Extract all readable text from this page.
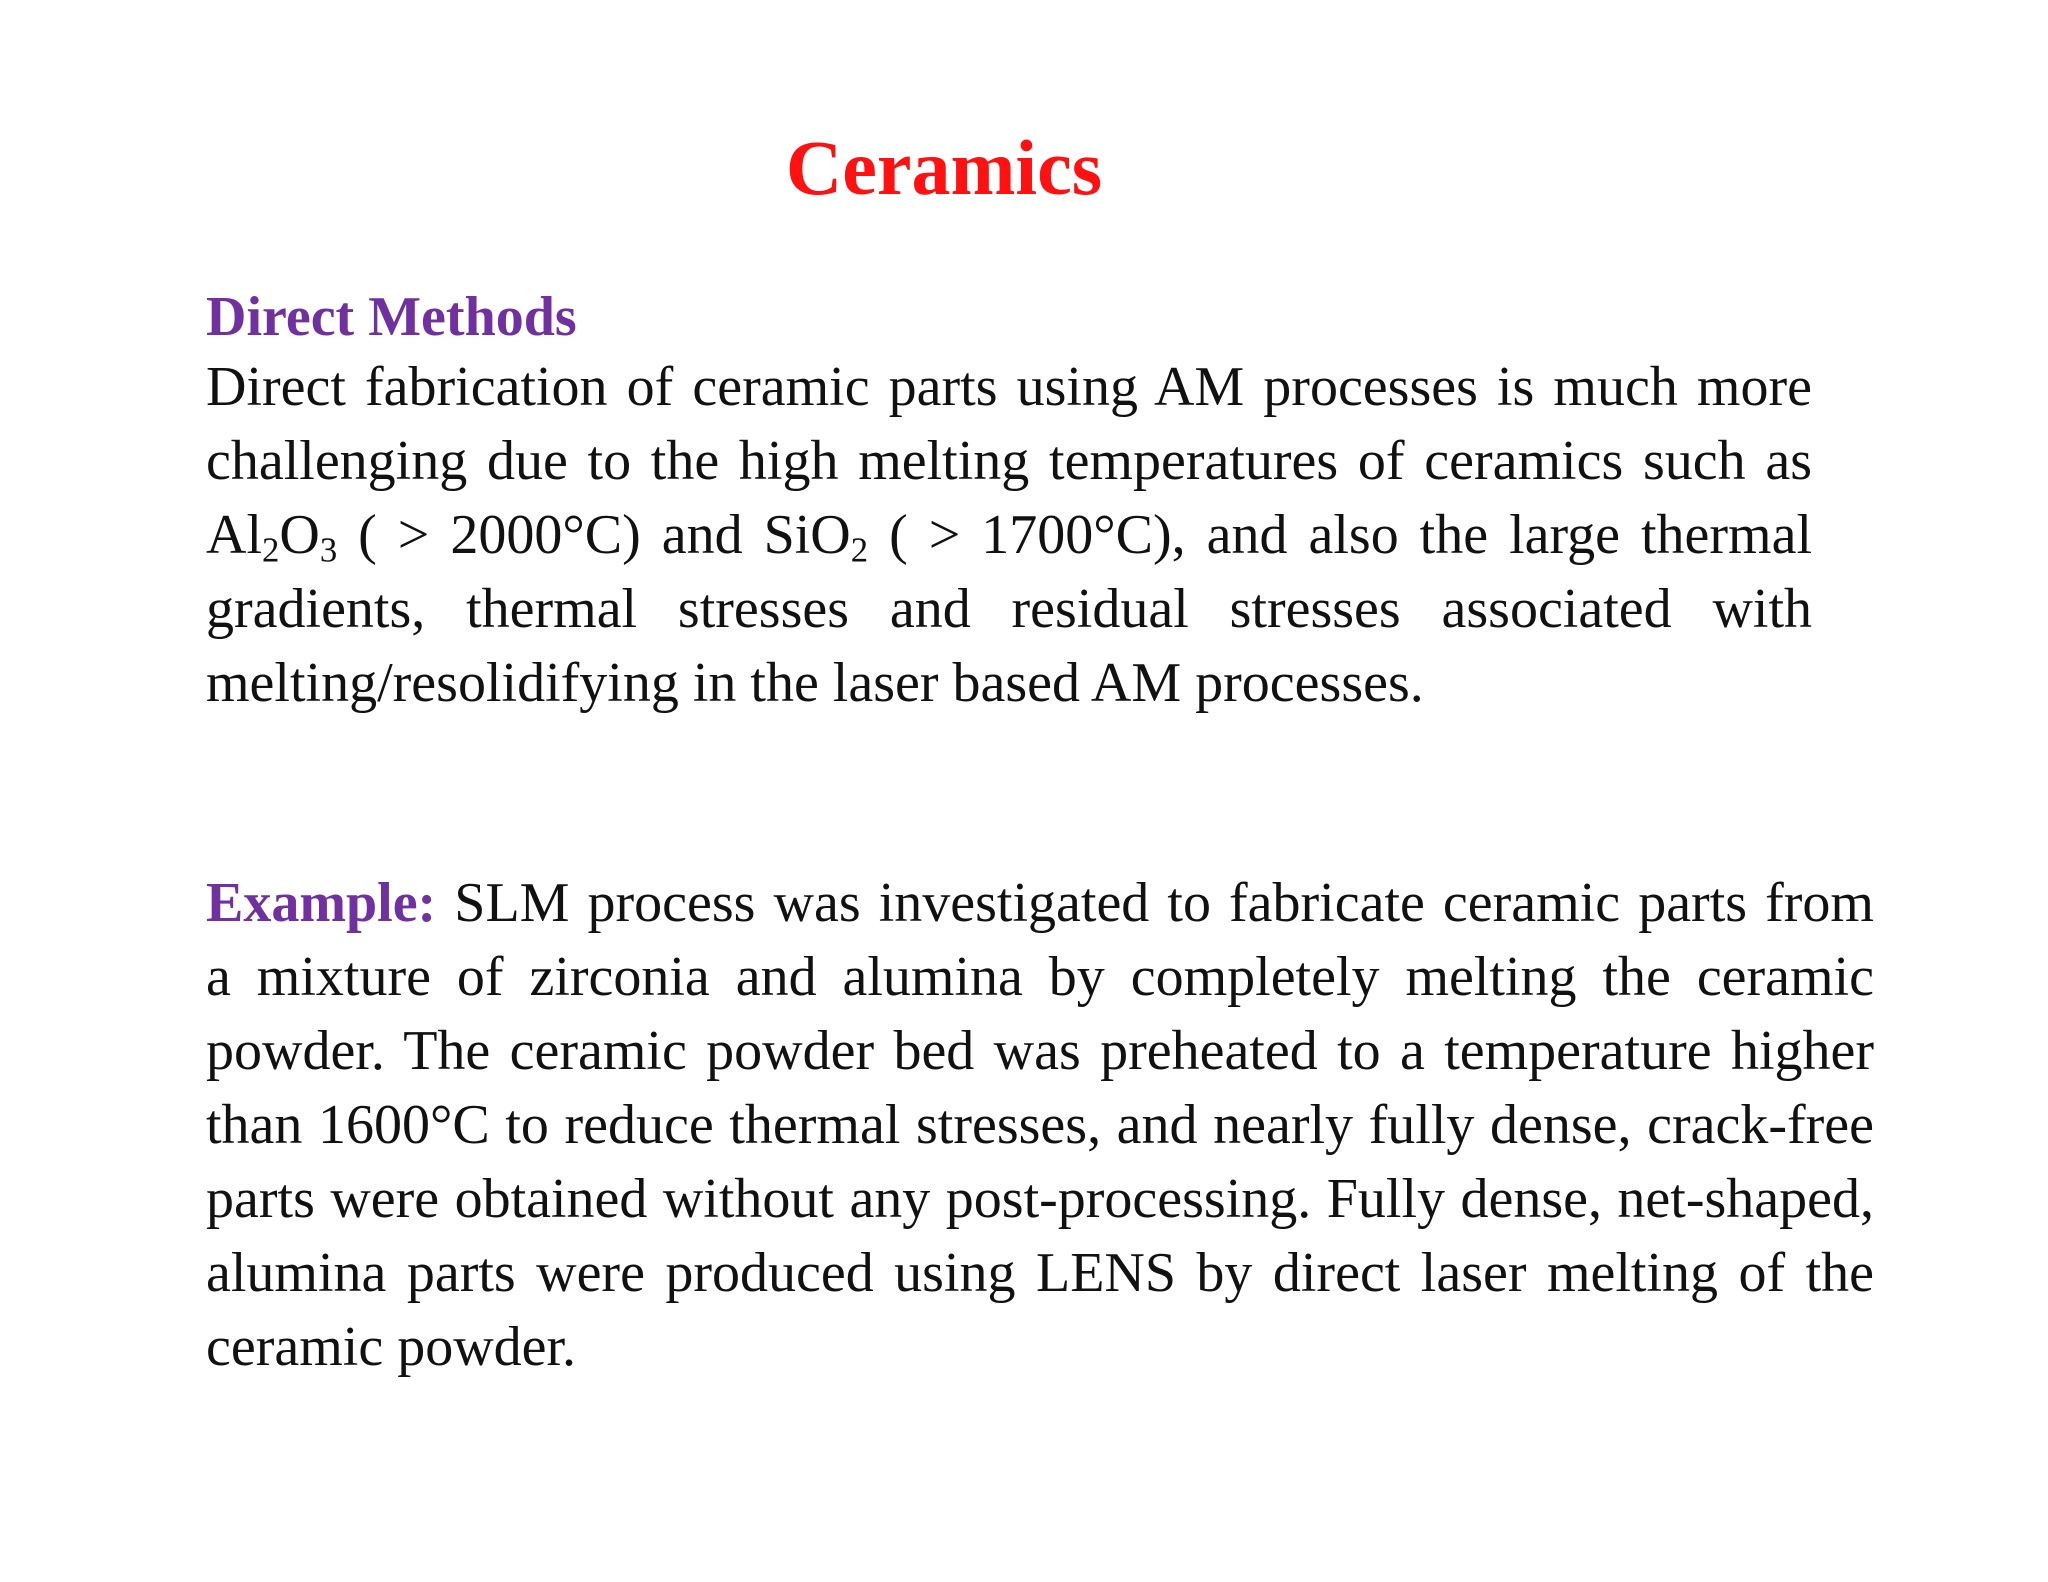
Ceramics
Direct Methods

Direct fabrication of ceramic parts using AM processes is much more challenging due to the high melting temperatures of ceramics such as $Al_2O_3$ ( > 2000°C) and SiO$_2$ ( > 1700°C), and also the large thermal gradients, thermal stresses and residual stresses associated with melting/resolidifying in the laser based AM processes.

Example: SLM process was investigated to fabricate ceramic parts from a mixture of zirconia and alumina by completely melting the ceramic powder. The ceramic powder bed was preheated to a temperature higher than 1600°C to reduce thermal stresses, and nearly fully dense, crack-free parts were obtained without any post-processing. Fully dense, net-shaped, alumina parts were produced using LENS by direct laser melting of the ceramic powder.
